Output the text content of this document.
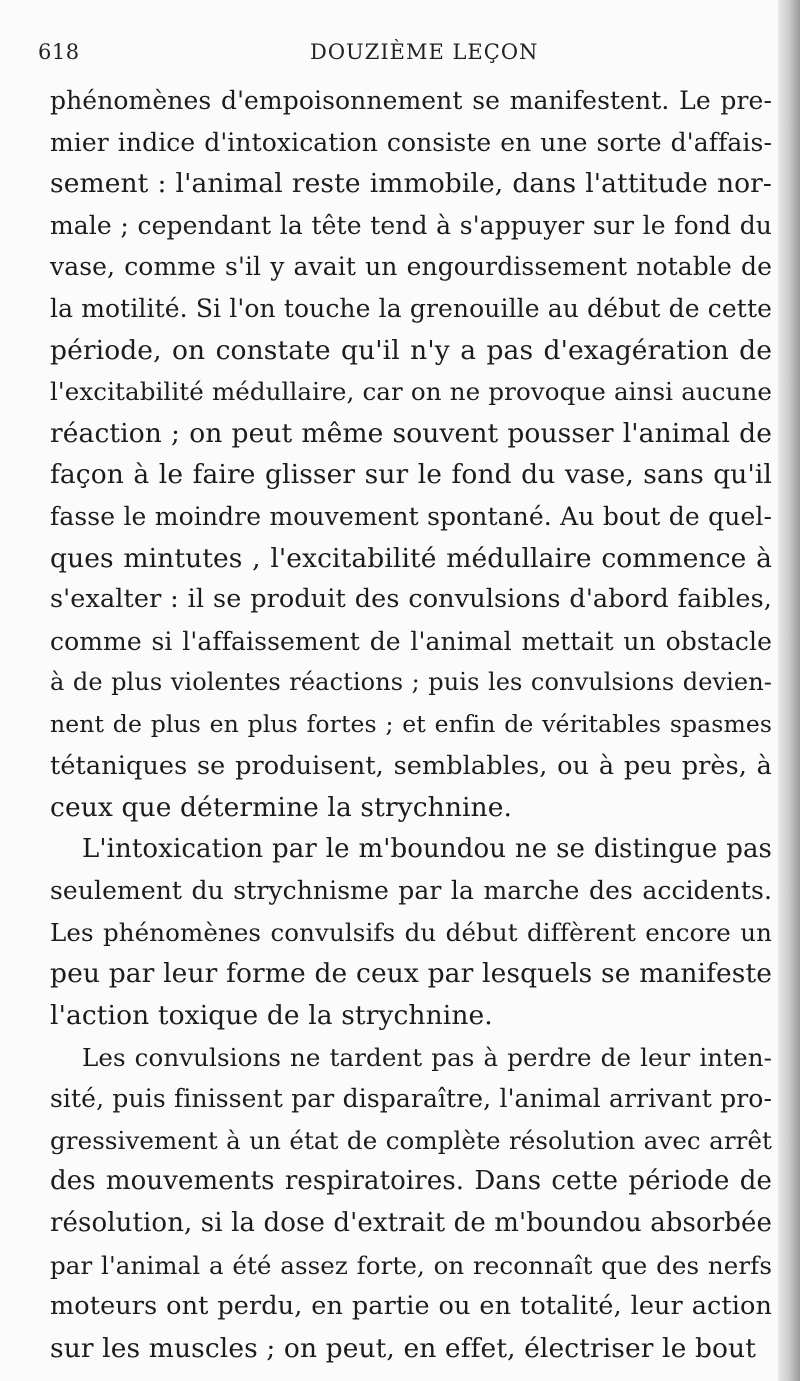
618	DOUZIÈME LEÇON
phénomènes d'empoisonnement se manifestent. Le pre-
mier indice d'intoxication consiste en une sorte d'affais-
sement : l'animal reste immobile, dans l'attitude nor-
male ; cependant la tête tend à s'appuyer sur le fond du
vase, comme s'il y avait un engourdissement notable de
la motilité. Si l'on touche la grenouille au début de cette
période, on constate qu'il n'y a pas d'exagération de
l'excitabilité médullaire, car on ne provoque ainsi aucune
réaction ; on peut même souvent pousser l'animal de
façon à le faire glisser sur le fond du vase, sans qu'il
fasse le moindre mouvement spontané. Au bout de quel-
ques mintutes , l'excitabilité médullaire commence à
s'exalter : il se produit des convulsions d'abord faibles,
comme si l'affaissement de l'animal mettait un obstacle
à de plus violentes réactions ; puis les convulsions devien-
nent de plus en plus fortes ; et enfin de véritables spasmes
tétaniques se produisent, semblables, ou à peu près, à
ceux que détermine la strychnine.
L'intoxication par le m'boundou ne se distingue pas
seulement du strychnisme par la marche des accidents.
Les phénomènes convulsifs du début diffèrent encore un
peu par leur forme de ceux par lesquels se manifeste
l'action toxique de la strychnine.
Les convulsions ne tardent pas à perdre de leur inten-
sité, puis finissent par disparaître, l'animal arrivant pro-
gressivement à un état de complète résolution avec arrêt
des mouvements respiratoires. Dans cette période de
résolution, si la dose d'extrait de m'boundou absorbée
par l'animal a été assez forte, on reconnaît que des nerfs
moteurs ont perdu, en partie ou en totalité, leur action
sur les muscles ; on peut, en effet, électriser le bout
